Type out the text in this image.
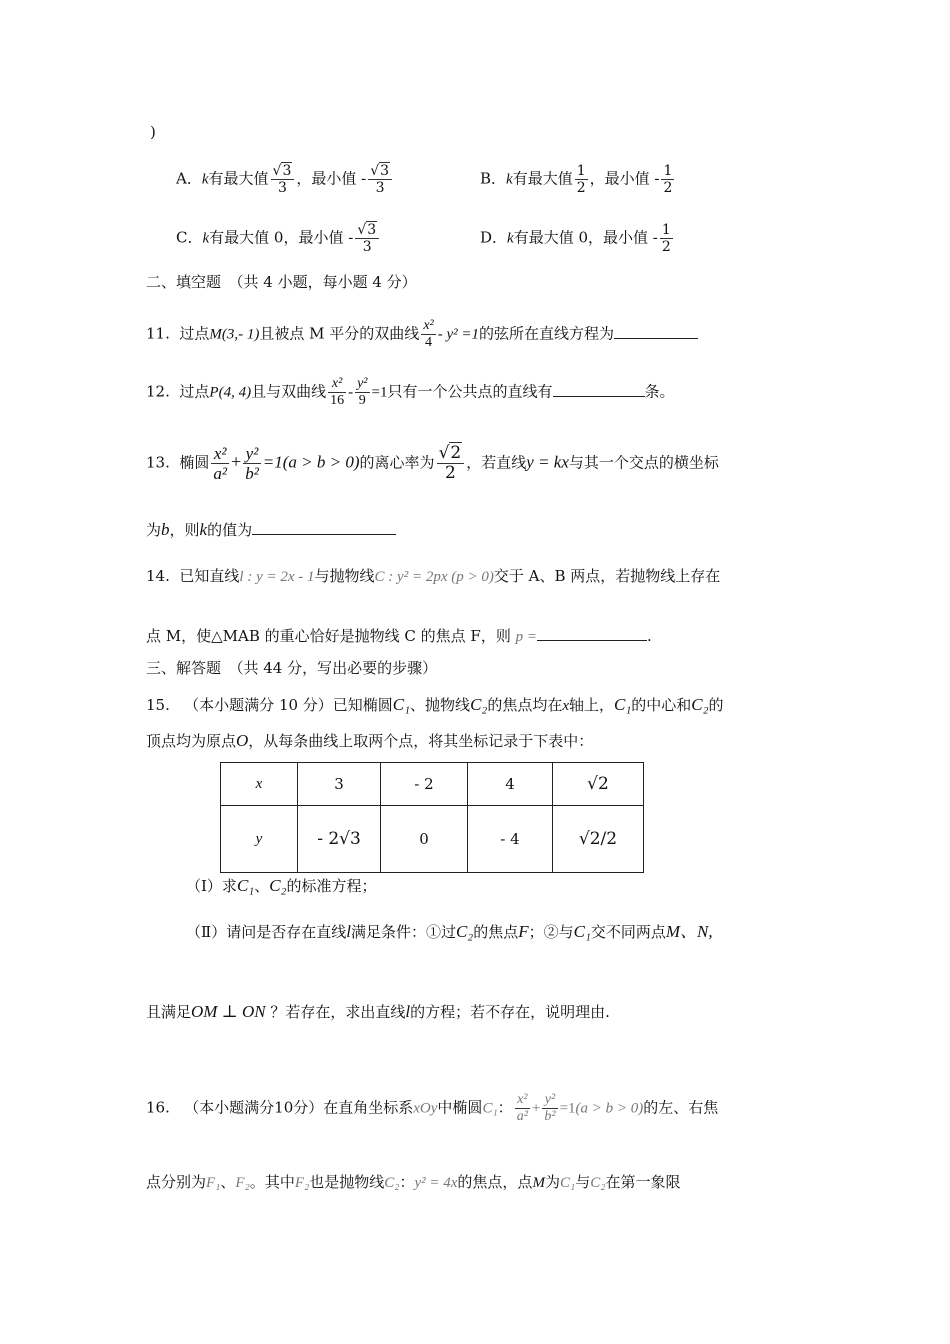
)
A．k有最大值 $\frac{√3}{3}$ ，最小值 - $\frac{√3}{3}$	B．k有最大值 $\frac{1}{2}$ ，最小值 - $\frac{1}{2}$
C．k有最大值 0，最小值 - $\frac{√3}{3}$	D．k有最大值 0，最小值 - $\frac{1}{2}$
二、填空题　（共 4 小题，每小题 4 分）
11. 过点M(3,- 1)且被点 M 平分的双曲线 $\frac{\text{x²}}{4} - y^2 =1$的弦所在直线方程为
12. 过点P(4, 4)且与双曲线 $\frac{\text{x²}}{16} - \frac{\text{y²}}{9} =1$只有一个公共点的直线有	条。
13. 椭圆 $\frac{\text{x²}}{\text{a²}} + \frac{\text{y²}}{\text{b²}} =1(a > b > 0)$的离心率为 $\frac{√2}{2}$ ，若直线y = kx与其一个交点的横坐标
为b，则k的值为
14. 已知直线l : y = 2x - 1与抛物线C : y² = 2px (p > 0)交于 A、B 两点，若抛物线上存在
点 M，使△MAB 的重心恰好是抛物线 C 的焦点 F，则 p =	.
三、解答题　（共 44 分，写出必要的步骤）
15. （本小题满分 10 分）已知椭圆C₁、抛物线C₂的焦点均在x轴上，C₁的中心和C₂的
顶点均为原点O，从每条曲线上取两个点，将其坐标记录于下表中：
x	3	- 2	4	√2
y	- 2√3	0	- 4	√2/2
（Ⅰ）求C₁、C₂的标准方程；
（Ⅱ）请问是否存在直线l满足条件：①过C₂的焦点F；②与C₁交不同两点M、N,
且满足OM ⊥ ON ？若存在，求出直线l的方程；若不存在，说明理由.
16. （本小题满分10分）在直角坐标系xOy中椭圆C₁： $\frac{\text{x²}}{\text{a²}} + \frac{\text{y²}}{\text{b²}} =1(a > b > 0)$的左、右焦
点分别为F₁、F₂。其中F₂也是抛物线C₂：y² = 4x的焦点，点M为C₁与C₂在第一象限
